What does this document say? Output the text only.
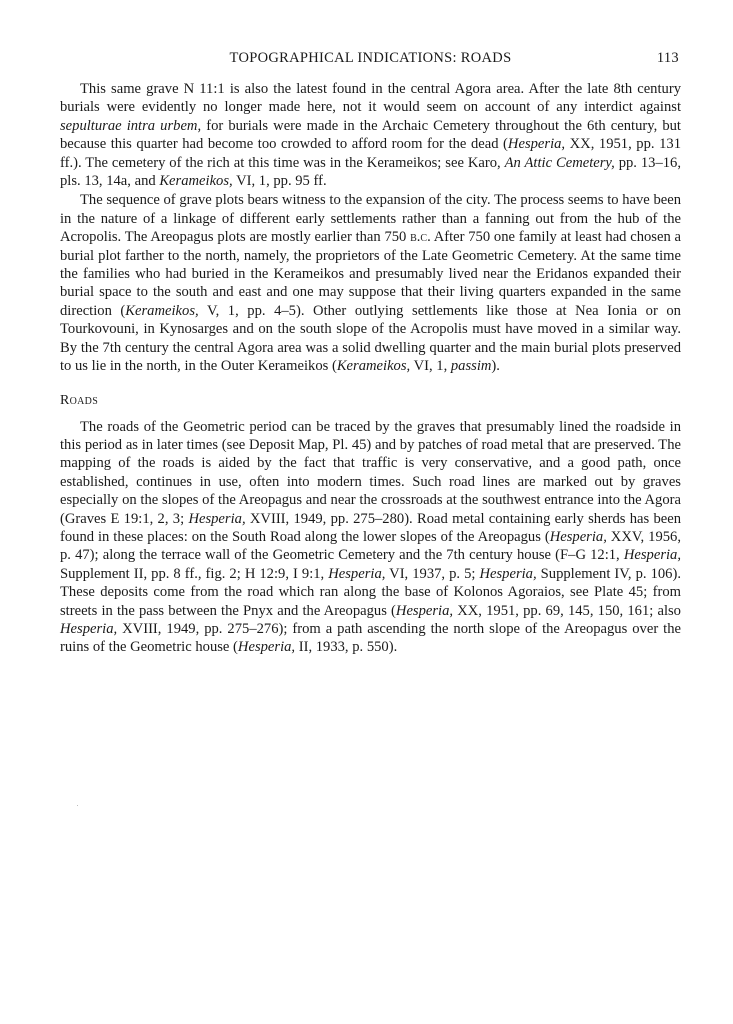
TOPOGRAPHICAL INDICATIONS: ROADS	113

This same grave N 11:1 is also the latest found in the central Agora area. After the late 8th century burials were evidently no longer made here, not it would seem on account of any interdict against sepulturae intra urbem, for burials were made in the Archaic Cemetery throughout the 6th century, but because this quarter had become too crowded to afford room for the dead (Hesperia, XX, 1951, pp. 131 ff.). The cemetery of the rich at this time was in the Kerameikos; see Karo, An Attic Cemetery, pp. 13–16, pls. 13, 14a, and Kerameikos, VI, 1, pp. 95 ff.

The sequence of grave plots bears witness to the expansion of the city. The process seems to have been in the nature of a linkage of different early settlements rather than a fanning out from the hub of the Acropolis. The Areopagus plots are mostly earlier than 750 b.c. After 750 one family at least had chosen a burial plot farther to the north, namely, the proprietors of the Late Geometric Cemetery. At the same time the families who had buried in the Kerameikos and presumably lived near the Eridanos expanded their burial space to the south and east and one may suppose that their living quarters expanded in the same direction (Kerameikos, V, 1, pp. 4–5). Other outlying settlements like those at Nea Ionia or on Tourkovouni, in Kynosarges and on the south slope of the Acropolis must have moved in a similar way. By the 7th century the central Agora area was a solid dwelling quarter and the main burial plots preserved to us lie in the north, in the Outer Kerameikos (Kerameikos, VI, 1, passim).

Roads

The roads of the Geometric period can be traced by the graves that presumably lined the roadside in this period as in later times (see Deposit Map, Pl. 45) and by patches of road metal that are preserved. The mapping of the roads is aided by the fact that traffic is very conservative, and a good path, once established, continues in use, often into modern times. Such road lines are marked out by graves especially on the slopes of the Areopagus and near the crossroads at the southwest entrance into the Agora (Graves E 19:1, 2, 3; Hesperia, XVIII, 1949, pp. 275–280). Road metal containing early sherds has been found in these places: on the South Road along the lower slopes of the Areopagus (Hesperia, XXV, 1956, p. 47); along the terrace wall of the Geometric Cemetery and the 7th century house (F–G 12:1, Hesperia, Supplement II, pp. 8 ff., fig. 2; H 12:9, I 9:1, Hesperia, VI, 1937, p. 5; Hesperia, Supplement IV, p. 106). These deposits come from the road which ran along the base of Kolonos Agoraios, see Plate 45; from streets in the pass between the Pnyx and the Areopagus (Hesperia, XX, 1951, pp. 69, 145, 150, 161; also Hesperia, XVIII, 1949, pp. 275–276); from a path ascending the north slope of the Areopagus over the ruins of the Geometric house (Hesperia, II, 1933, p. 550).
